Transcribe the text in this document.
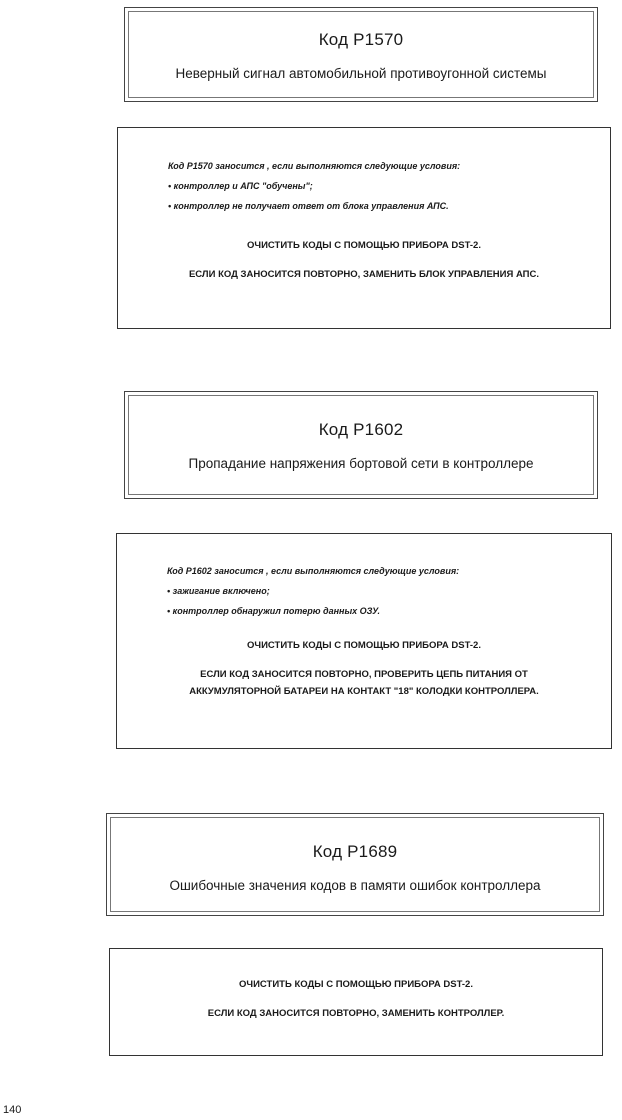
Код P1570
Неверный сигнал автомобильной противоугонной системы
Код P1570 заносится , если выполняются следующие условия:
• контроллер и АПС "обучены";
• контроллер не получает ответ от блока управления АПС.
ОЧИСТИТЬ КОДЫ С ПОМОЩЬЮ ПРИБОРА DST-2.
ЕСЛИ КОД ЗАНОСИТСЯ ПОВТОРНО, ЗАМЕНИТЬ БЛОК УПРАВЛЕНИЯ АПС.
Код P1602
Пропадание напряжения бортовой сети в контроллере
Код P1602 заносится , если выполняются следующие условия:
• зажигание включено;
• контроллер обнаружил потерю данных ОЗУ.
ОЧИСТИТЬ КОДЫ С ПОМОЩЬЮ ПРИБОРА DST-2.
ЕСЛИ КОД ЗАНОСИТСЯ ПОВТОРНО, ПРОВЕРИТЬ ЦЕПЬ ПИТАНИЯ ОТ
АККУМУЛЯТОРНОЙ БАТАРЕИ НА КОНТАКТ "18" КОЛОДКИ КОНТРОЛЛЕРА.
Код P1689
Ошибочные значения кодов в памяти ошибок контроллера
ОЧИСТИТЬ КОДЫ С ПОМОЩЬЮ ПРИБОРА DST-2.
ЕСЛИ КОД ЗАНОСИТСЯ ПОВТОРНО, ЗАМЕНИТЬ КОНТРОЛЛЕР.
140
